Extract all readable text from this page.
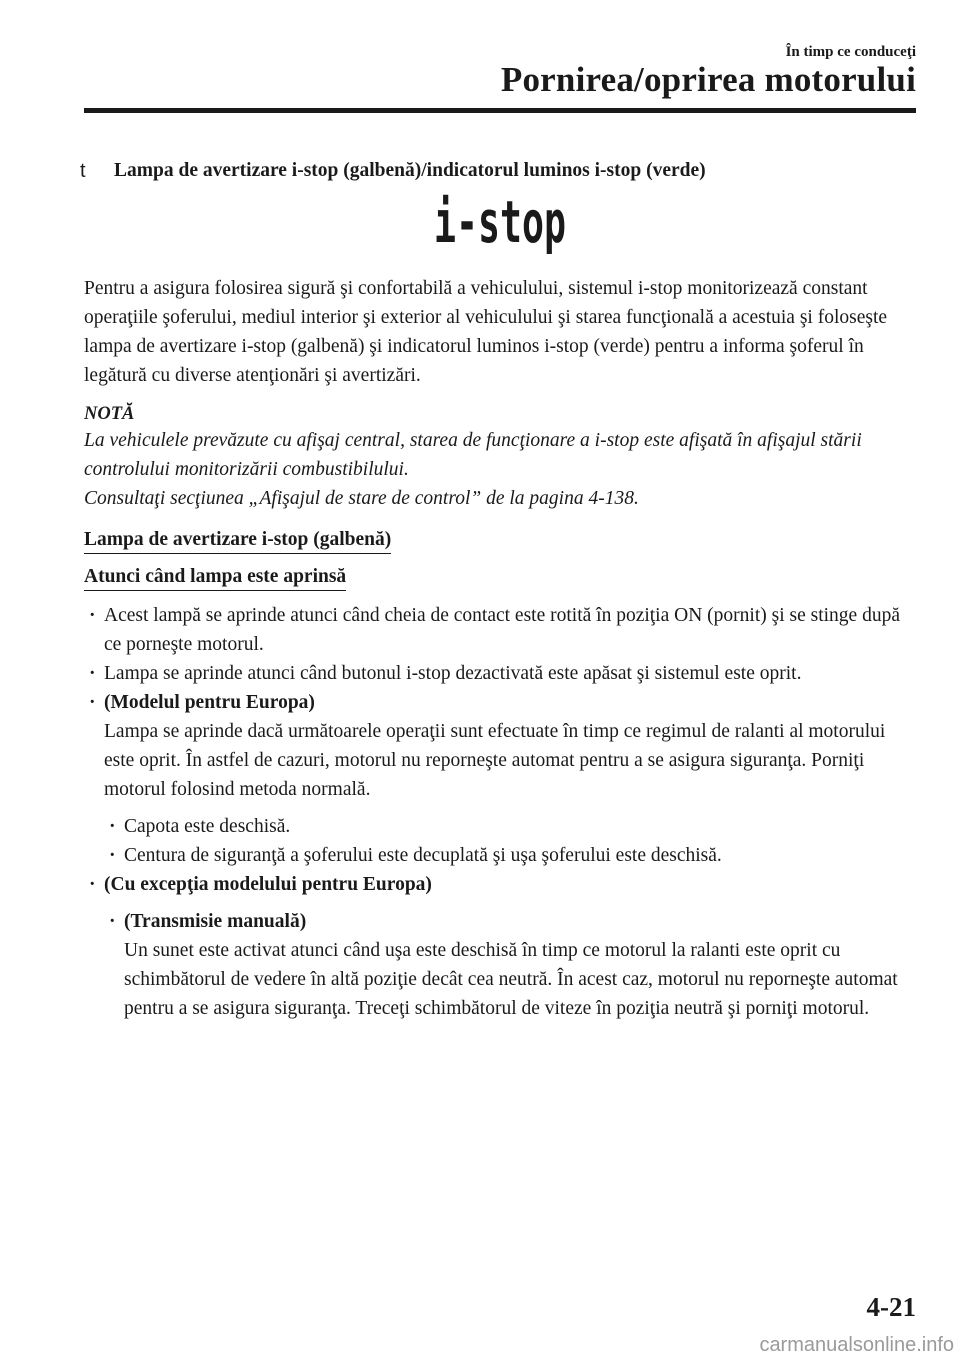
În timp ce conduceţi
Pornirea/oprirea motorului
t Lampa de avertizare i-stop (galbenă)/indicatorul luminos i-stop (verde)
i-stop

Pentru a asigura folosirea sigură şi confortabilă a vehiculului, sistemul i-stop monitorizează constant operaţiile şoferului, mediul interior şi exterior al vehiculului şi starea funcţională a acestuia şi foloseşte lampa de avertizare i-stop (galbenă) şi indicatorul luminos i-stop (verde) pentru a informa şoferul în legătură cu diverse atenţionări şi avertizări.

NOTĂ

La vehiculele prevăzute cu afişaj central, starea de funcţionare a i-stop este afişată în afişajul stării controlului monitorizării combustibilului.

Consultaţi secţiunea „Afişajul de stare de control” de la pagina 4-138.

Lampa de avertizare i-stop (galbenă)
Atunci când lampa este aprinsă
· Acest lampă se aprinde atunci când cheia de contact este rotită în poziţia ON (pornit) şi se stinge după ce porneşte motorul.
· Lampa se aprinde atunci când butonul i-stop dezactivată este apăsat şi sistemul este oprit.
· (Modelul pentru Europa)
Lampa se aprinde dacă următoarele operaţii sunt efectuate în timp ce regimul de ralanti al motorului este oprit. În astfel de cazuri, motorul nu reporneşte automat pentru a se asigura siguranţa. Porniţi motorul folosind metoda normală.
· Capota este deschisă.
· Centura de siguranţă a şoferului este decuplată şi uşa şoferului este deschisă.
· (Cu excepţia modelului pentru Europa)
· (Transmisie manuală)
Un sunet este activat atunci când uşa este deschisă în timp ce motorul la ralanti este oprit cu schimbătorul de vedere în altă poziţie decât cea neutră. În acest caz, motorul nu reporneşte automat pentru a se asigura siguranţa. Treceţi schimbătorul de viteze în poziţia neutră şi porniţi motorul.
4-21
carmanualsonline.info
